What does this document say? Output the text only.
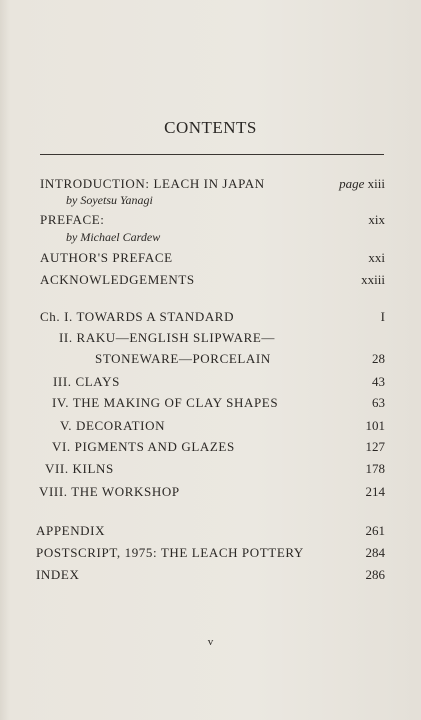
CONTENTS
INTRODUCTION: LEACH IN JAPAN	page xiii
by Soyetsu Yanagi
PREFACE:	xix
by Michael Cardew
AUTHOR'S PREFACE	xxi
ACKNOWLEDGEMENTS	xxiii
Ch. I. TOWARDS A STANDARD	I
II. RAKU—ENGLISH SLIPWARE—
STONEWARE—PORCELAIN	28
III. CLAYS	43
IV. THE MAKING OF CLAY SHAPES	63
V. DECORATION	101
VI. PIGMENTS AND GLAZES	127
VII. KILNS	178
VIII. THE WORKSHOP	214
APPENDIX	261
POSTSCRIPT, 1975: THE LEACH POTTERY	284
INDEX	286
v
